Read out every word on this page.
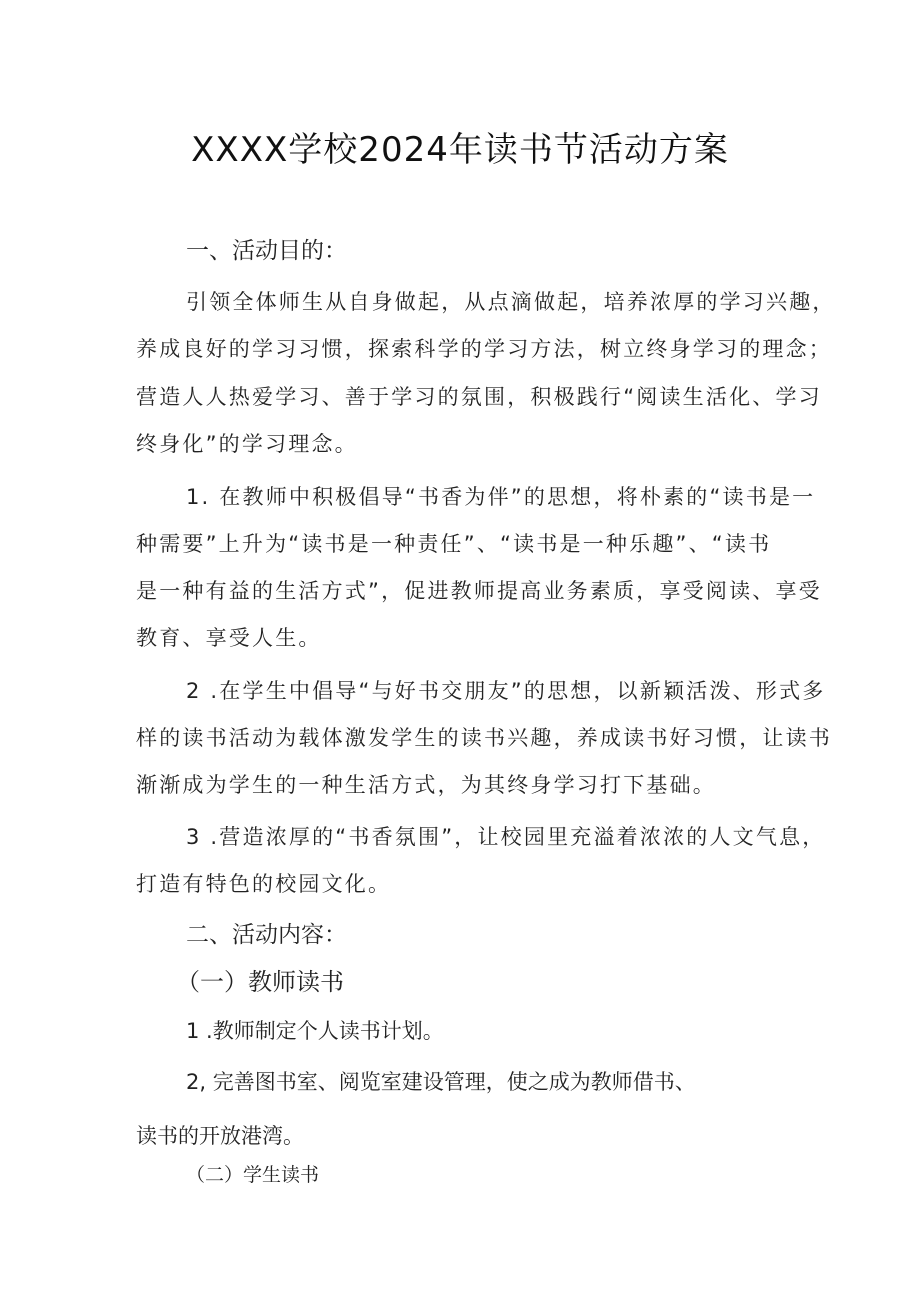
XXXX学校2024年读书节活动方案
一、活动目的：
引领全体师生从自身做起，从点滴做起，培养浓厚的学习兴趣，
养成良好的学习习惯，探索科学的学习方法，树立终身学习的理念；
营造人人热爱学习、善于学习的氛围，积极践行“阅读生活化、学习
终身化”的学习理念。
1. 在教师中积极倡导“书香为伴”的思想，将朴素的“读书是一
种需要”上升为“读书是一种责任”、“读书是一种乐趣”、“读书
是一种有益的生活方式”，促进教师提高业务素质，享受阅读、享受
教育、享受人生。
2 .在学生中倡导“与好书交朋友”的思想，以新颖活泼、形式多
样的读书活动为载体激发学生的读书兴趣，养成读书好习惯，让读书
渐渐成为学生的一种生活方式，为其终身学习打下基础。
3 .营造浓厚的“书香氛围”，让校园里充溢着浓浓的人文气息，
打造有特色的校园文化。
二、活动内容：
（一）教师读书
1 .教师制定个人读书计划。
2, 完善图书室、阅览室建设管理，使之成为教师借书、
读书的开放港湾。
（二）学生读书
